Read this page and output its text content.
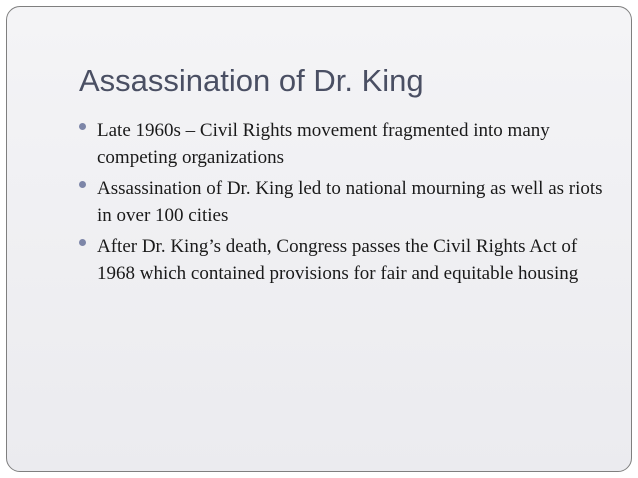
Assassination of Dr. King
Late 1960s – Civil Rights movement fragmented into many competing organizations
Assassination of Dr. King led to national mourning as well as riots in over 100 cities
After Dr. King’s death, Congress passes the Civil Rights Act of 1968 which contained provisions for fair and equitable housing
